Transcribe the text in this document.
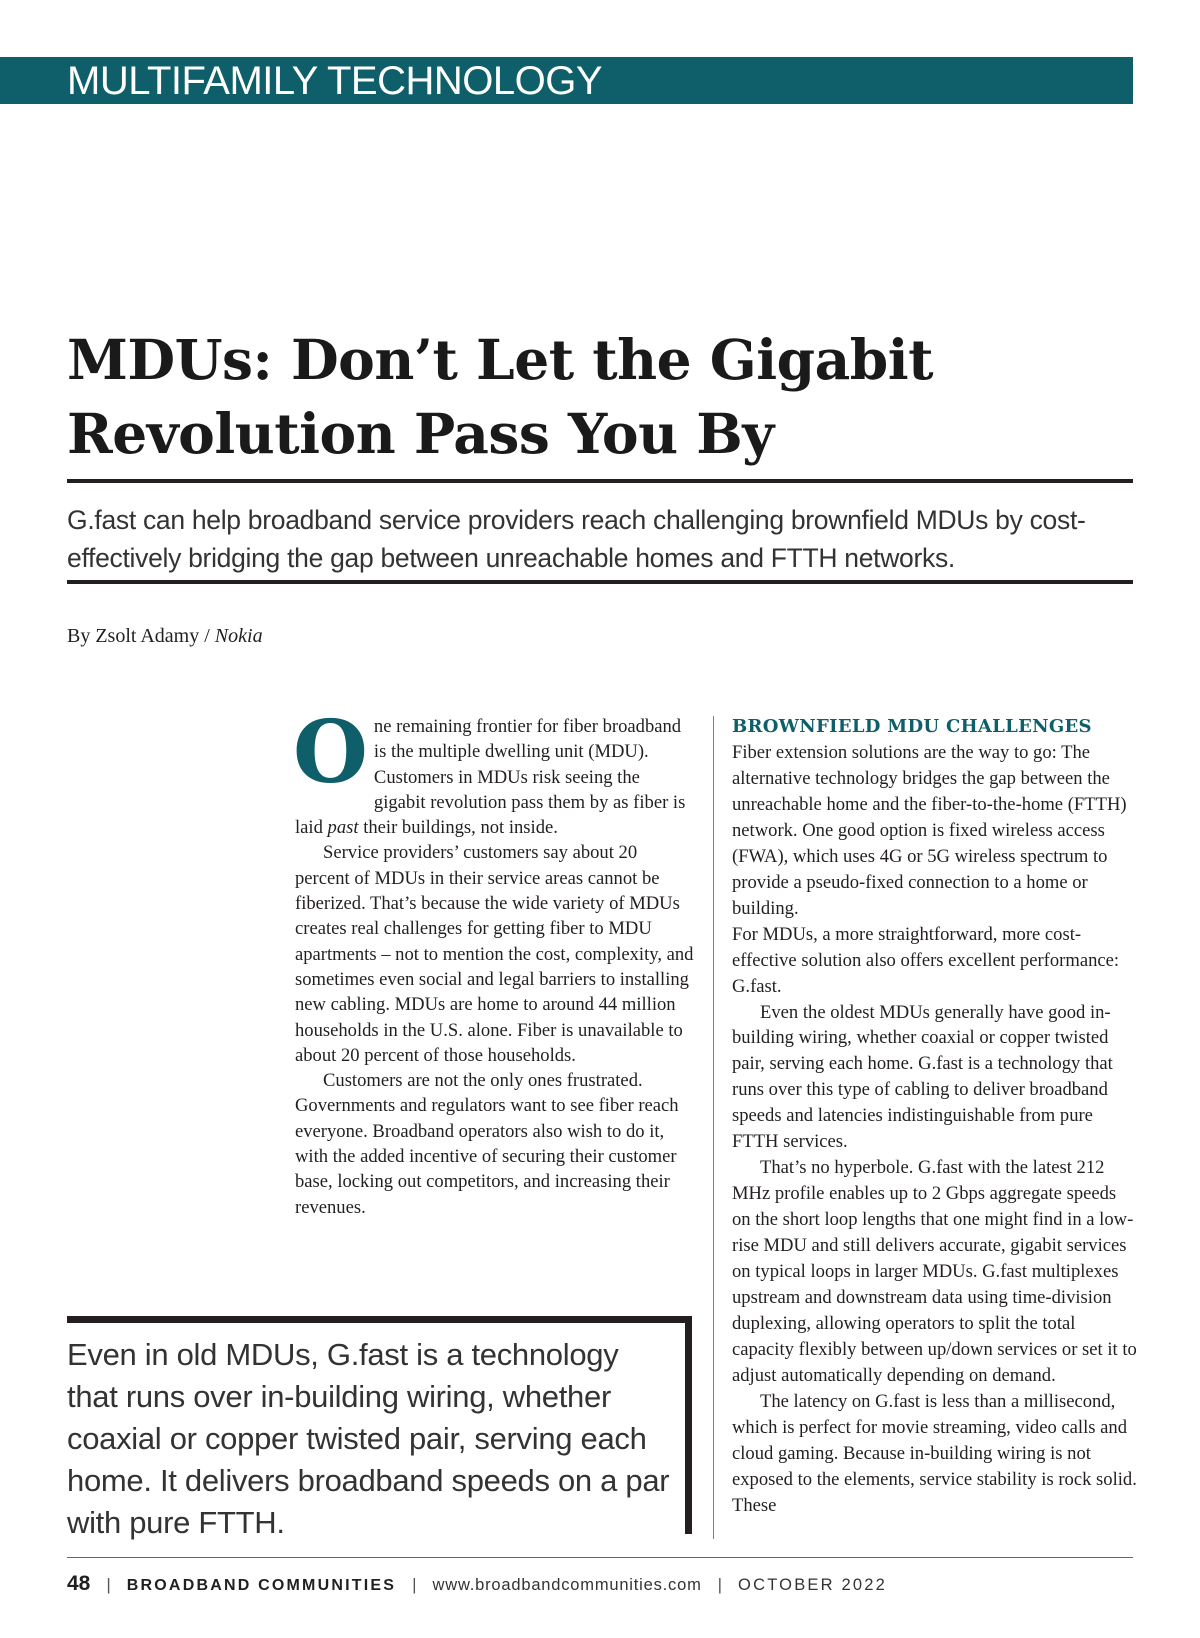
MULTIFAMILY TECHNOLOGY
MDUs: Don’t Let the Gigabit
Revolution Pass You By

G.fast can help broadband service providers reach challenging brownfield MDUs by cost-effectively bridging the gap between unreachable homes and FTTH networks.

By Zsolt Adamy / Nokia

One remaining frontier for fiber broadband is the multiple dwelling unit (MDU). Customers in MDUs risk seeing the gigabit revolution pass them by as fiber is laid past their buildings, not inside.

Service providers’ customers say about 20 percent of MDUs in their service areas cannot be fiberized. That’s because the wide variety of MDUs creates real challenges for getting fiber to MDU apartments – not to mention the cost, complexity, and sometimes even social and legal barriers to installing new cabling. MDUs are home to around 44 million households in the U.S. alone. Fiber is unavailable to about 20 percent of those households.

Customers are not the only ones frustrated. Governments and regulators want to see fiber reach everyone. Broadband operators also wish to do it, with the added incentive of securing their customer base, locking out competitors, and increasing their revenues.

BROWNFIELD MDU CHALLENGES

Fiber extension solutions are the way to go: The alternative technology bridges the gap between the unreachable home and the fiber-to-the-home (FTTH) network. One good option is fixed wireless access (FWA), which uses 4G or 5G wireless spectrum to provide a pseudo-fixed connection to a home or building.

For MDUs, a more straightforward, more cost-effective solution also offers excellent performance: G.fast.

Even the oldest MDUs generally have good in-building wiring, whether coaxial or copper twisted pair, serving each home. G.fast is a technology that runs over this type of cabling to deliver broadband speeds and latencies indistinguishable from pure FTTH services.

That’s no hyperbole. G.fast with the latest 212 MHz profile enables up to 2 Gbps aggregate speeds on the short loop lengths that one might find in a low-rise MDU and still delivers accurate, gigabit services on typical loops in larger MDUs. G.fast multiplexes upstream and downstream data using time-division duplexing, allowing operators to split the total capacity flexibly between up/down services or set it to adjust automatically depending on demand.

The latency on G.fast is less than a millisecond, which is perfect for movie streaming, video calls and cloud gaming. Because in-building wiring is not exposed to the elements, service stability is rock solid. These

Even in old MDUs, G.fast is a technology that runs over in-building wiring, whether coaxial or copper twisted pair, serving each home. It delivers broadband speeds on a par with pure FTTH.

48 | BROADBAND COMMUNITIES | www.broadbandcommunities.com | OCTOBER 2022
